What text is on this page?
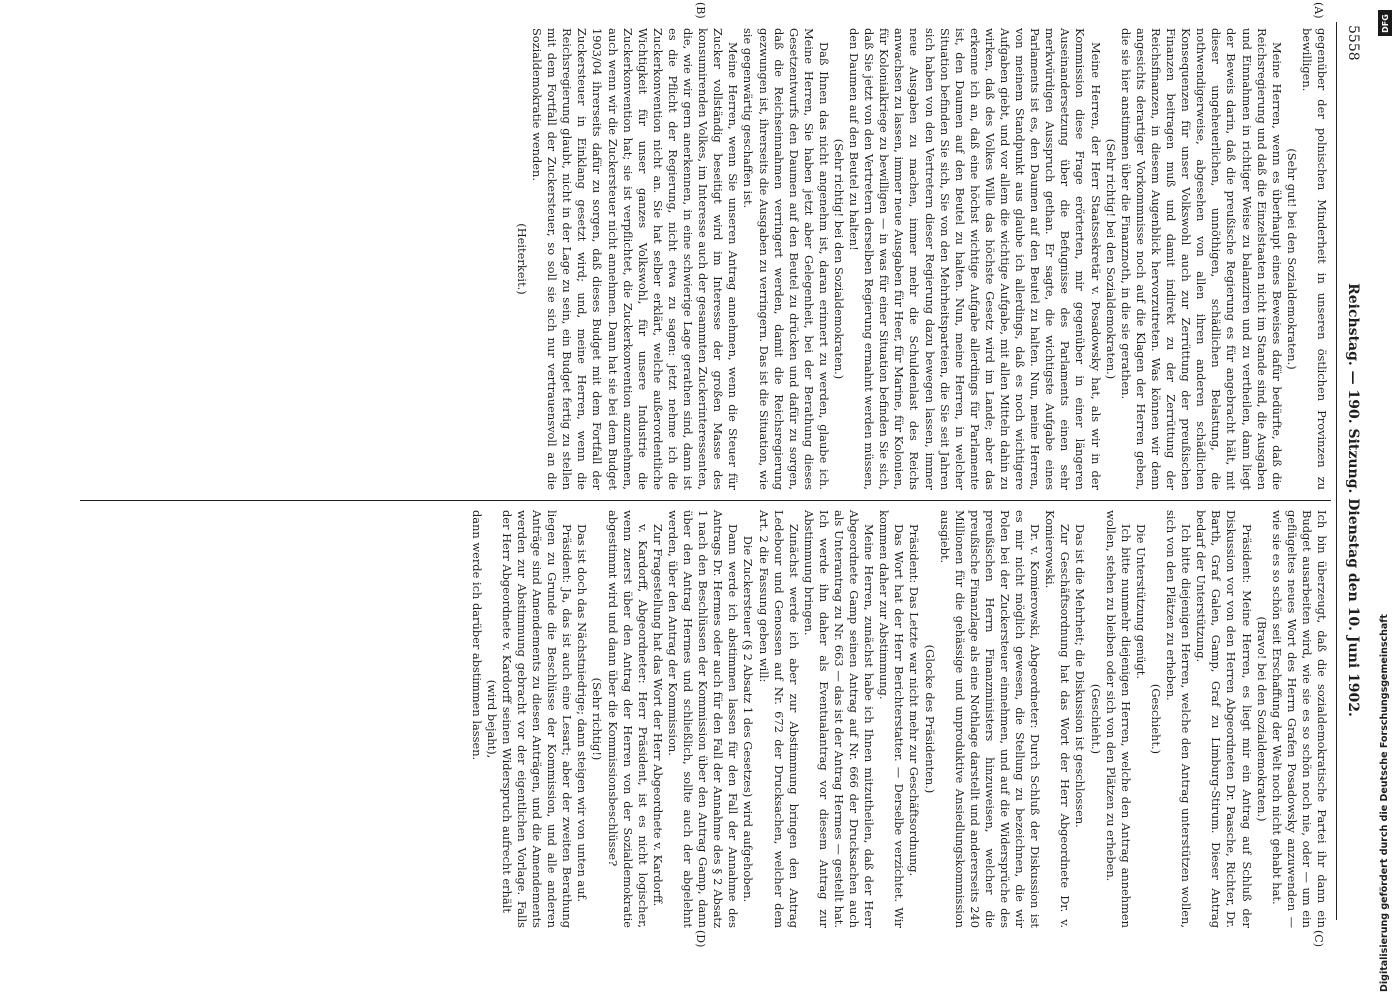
5558
Reichstag. — 190. Sitzung. Dienstag den 10. Juni 1902.
(A)
(B)
(C)
(D)

gegenüber der polnischen Minderheit in unseren östlichen Provinzen zu bewilligen.

(Sehr gut! bei den Sozialdemokraten.)

Meine Herren, wenn es überhaupt eines Beweises dafür bedürfte, daß die Reichsregierung und daß die Einzelstaaten nicht im Stande sind, die Ausgaben und Einnahmen in richtiger Weise zu balanziren und zu vertheilen, dann liegt der Beweis darin, daß die preußische Regierung es für angebracht hält, mit dieser ungeheuerlichen, unnöthigen, schädlichen Belastung, die nothwendigerweise, abgesehen von allen ihren anderen schädlichen Konsequenzen für unser Volkswohl auch zur Zerrüttung der preußischen Finanzen beitragen muß und damit indirekt zu der Zerrüttung der Reichsfinanzen, in diesem Augenblick hervorzutreten. Was können wir denn angesichts derartiger Vorkommnisse noch auf die Klagen der Herren geben, die sie hier anstimmen über die Finanznoth, in die sie gerathen.

(Sehr richtig! bei den Sozialdemokraten.)

Meine Herren, der Herr Staatssekretär v. Posadowsky hat, als wir in der Kommission diese Frage erörterten, mir gegenüber in einer längeren Auseinandersetzung über die Befugnisse des Parlaments einen sehr merkwürdigen Ausspruch gethan. Er sagte, die wichtigste Aufgabe eines Parlaments ist es, den Daumen auf den Beutel zu halten. Nun, meine Herren, von meinem Standpunkt aus glaube ich allerdings, daß es noch wichtigere Aufgaben giebt, und vor allem die wichtige Aufgabe, mit allen Mitteln dahin zu wirken, daß des Volkes Wille das höchste Gesetz wird im Lande; aber das erkenne ich an, daß eine höchst wichtige Aufgabe allerdings für Parlamente ist, den Daumen auf den Beutel zu halten. Nun, meine Herren, in welcher Situation befinden Sie sich, Sie von den Mehrheitsparteien, die Sie seit Jahren sich haben von den Vertretern dieser Regierung dazu bewegen lassen, immer neue Ausgaben zu machen, immer mehr die Schuldenlast des Reichs anwachsen zu lassen, immer neue Ausgaben für Heer, für Marine, für Kolonien, für Kolonialkriege zu bewilligen — in was für einer Situation befinden Sie sich, daß Sie jetzt von den Vertretern derselben Regierung ermahnt werden müssen, den Daumen auf den Beutel zu halten!

(Sehr richtig! bei den Sozialdemokraten.)

Daß Ihnen das nicht angenehm ist, daran erinnert zu werden, glaube ich. Meine Herren, Sie haben jetzt aber Gelegenheit, bei der Berathung dieses Gesetzentwurfs den Daumen auf den Beutel zu drücken und dafür zu sorgen, daß die Reichseinnahmen verringert werden, damit die Reichsregierung gezwungen ist, ihrerseits die Ausgaben zu verringern. Das ist die Situation, wie sie gegenwärtig geschaffen ist.

Meine Herren, wenn Sie unseren Antrag annehmen, wenn die Steuer für Zucker vollständig beseitigt wird im Interesse der großen Masse des konsumirenden Volkes, im Interesse auch der gesammten Zuckerinteressenten, die, wie wir gern anerkennen, in eine schwierige Lage gerathen sind, dann ist es die Pflicht der Regierung, nicht etwa zu sagen: jetzt nehme ich die Zuckerkonvention nicht an. Sie hat selber erklärt, welche außerordentliche Wichtigkeit für unser ganzes Volkswohl, für unsere Industrie die Zuckerkonvention hat; sie ist verpflichtet, die Zuckerkonvention anzunehmen, auch wenn wir die Zuckersteuer nicht annehmen. Dann hat sie bei dem Budget 1903/04 ihrerseits dafür zu sorgen, daß dieses Budget mit dem Fortfall der Zuckersteuer in Einklang gesetzt wird; und, meine Herren, wenn die Reichsregierung glaubt, nicht in der Lage zu sein, ein Budget fertig zu stellen mit dem Fortfall der Zuckersteuer, so soll sie sich nur vertrauensvoll an die Sozialdemokratie wenden.

(Heiterkeit.)

Ich bin überzeugt, daß die sozialdemokratische Partei ihr dann ein Budget ausarbeiten wird, wie sie es so schön noch nie, oder — um ein geflügeltes neues Wort des Herrn Grafen Posadowsky anzuwenden — wie sie es so schön seit Erschaffung der Welt noch nicht gehabt hat.

(Bravo! bei den Sozialdemokraten.)

Präsident: Meine Herren, es liegt mir ein Antrag auf Schluß der Diskussion vor von den Herren Abgeordneten Dr. Paasche, Richter, Dr. Barth, Graf Galen, Gamp, Graf zu Limburg-Stirum. Dieser Antrag bedarf der Unterstützung.

Ich bitte diejenigen Herren, welche den Antrag unterstützen wollen, sich von den Plätzen zu erheben.

(Geschieht.)

Die Unterstützung genügt.

Ich bitte nunmehr diejenigen Herren, welche den Antrag annehmen wollen, stehen zu bleiben oder sich von den Plätzen zu erheben.

(Geschieht.)

Das ist die Mehrheit; die Diskussion ist geschlossen.

Zur Geschäftsordnung hat das Wort der Herr Abgeordnete Dr. v. Komierowski.

Dr. v. Komierowski, Abgeordneter: Durch Schluß der Diskussion ist es mir nicht möglich gewesen, die Stellung zu bezeichnen, die wir Polen bei der Zuckersteuer einnehmen, und auf die Widersprüche des preußischen Herrn Finanzministers hinzuweisen, welcher die preußische Finanzlage als eine Nothlage darstellt und andererseits 240 Millionen für die gehässige und unproduktive Ansiedlungskommission ausgiebt.

(Glocke des Präsidenten.)

Präsident: Das Letzte war nicht mehr zur Geschäftsordnung.

Das Wort hat der Herr Berichterstatter. — Derselbe verzichtet. Wir kommen daher zur Abstimmung.

Meine Herren, zunächst habe ich Ihnen mitzutheilen, daß der Herr Abgeordnete Gamp seinen Antrag auf Nr. 666 der Drucksachen auch als Unterantrag zu Nr. 663 — das ist der Antrag Hermes — gestellt hat. Ich werde ihn daher als Eventualantrag vor diesem Antrag zur Abstimmung bringen.

Zunächst werde ich aber zur Abstimmung bringen den Antrag Ledebour und Genossen auf Nr. 672 der Drucksachen, welcher dem Art. 2 die Fassung geben will:

Die Zuckersteuer (§ 2 Absatz 1 des Gesetzes) wird aufgehoben.

Dann werde ich abstimmen lassen für den Fall der Annahme des Antrags Dr. Hermes oder auch für den Fall der Annahme des § 2 Absatz 1 nach den Beschlüssen der Kommission über den Antrag Gamp, dann über den Antrag Hermes und schließlich, sollte auch der abgelehnt werden, über den Antrag der Kommission.

Zur Fragestellung hat das Wort der Herr Abgeordnete v. Kardorff.

v. Kardorff, Abgeordneter: Herr Präsident, ist es nicht logischer, wenn zuerst über den Antrag der Herren von der Sozialdemokratie abgestimmt wird und dann über die Kommissionsbeschlüsse?

(Sehr richtig!)

Das ist doch das Nächstniedrige; dann steigen wir von unten auf.

Präsident: Ja, das ist auch eine Lesart; aber der zweiten Berathung liegen zu Grunde die Beschlüsse der Kommission, und alle anderen Anträge sind Amendements zu diesen Anträgen, und die Amendements werden zur Abstimmung gebracht vor der eigentlichen Vorlage. Falls der Herr Abgeordnete v. Kardorff seinen Widerspruch aufrecht erhält

(wird bejaht),

dann werde ich darüber abstimmen lassen.	Digitalisierung gefördert durch die Deutsche Forschungsgemeinschaft
DFG
